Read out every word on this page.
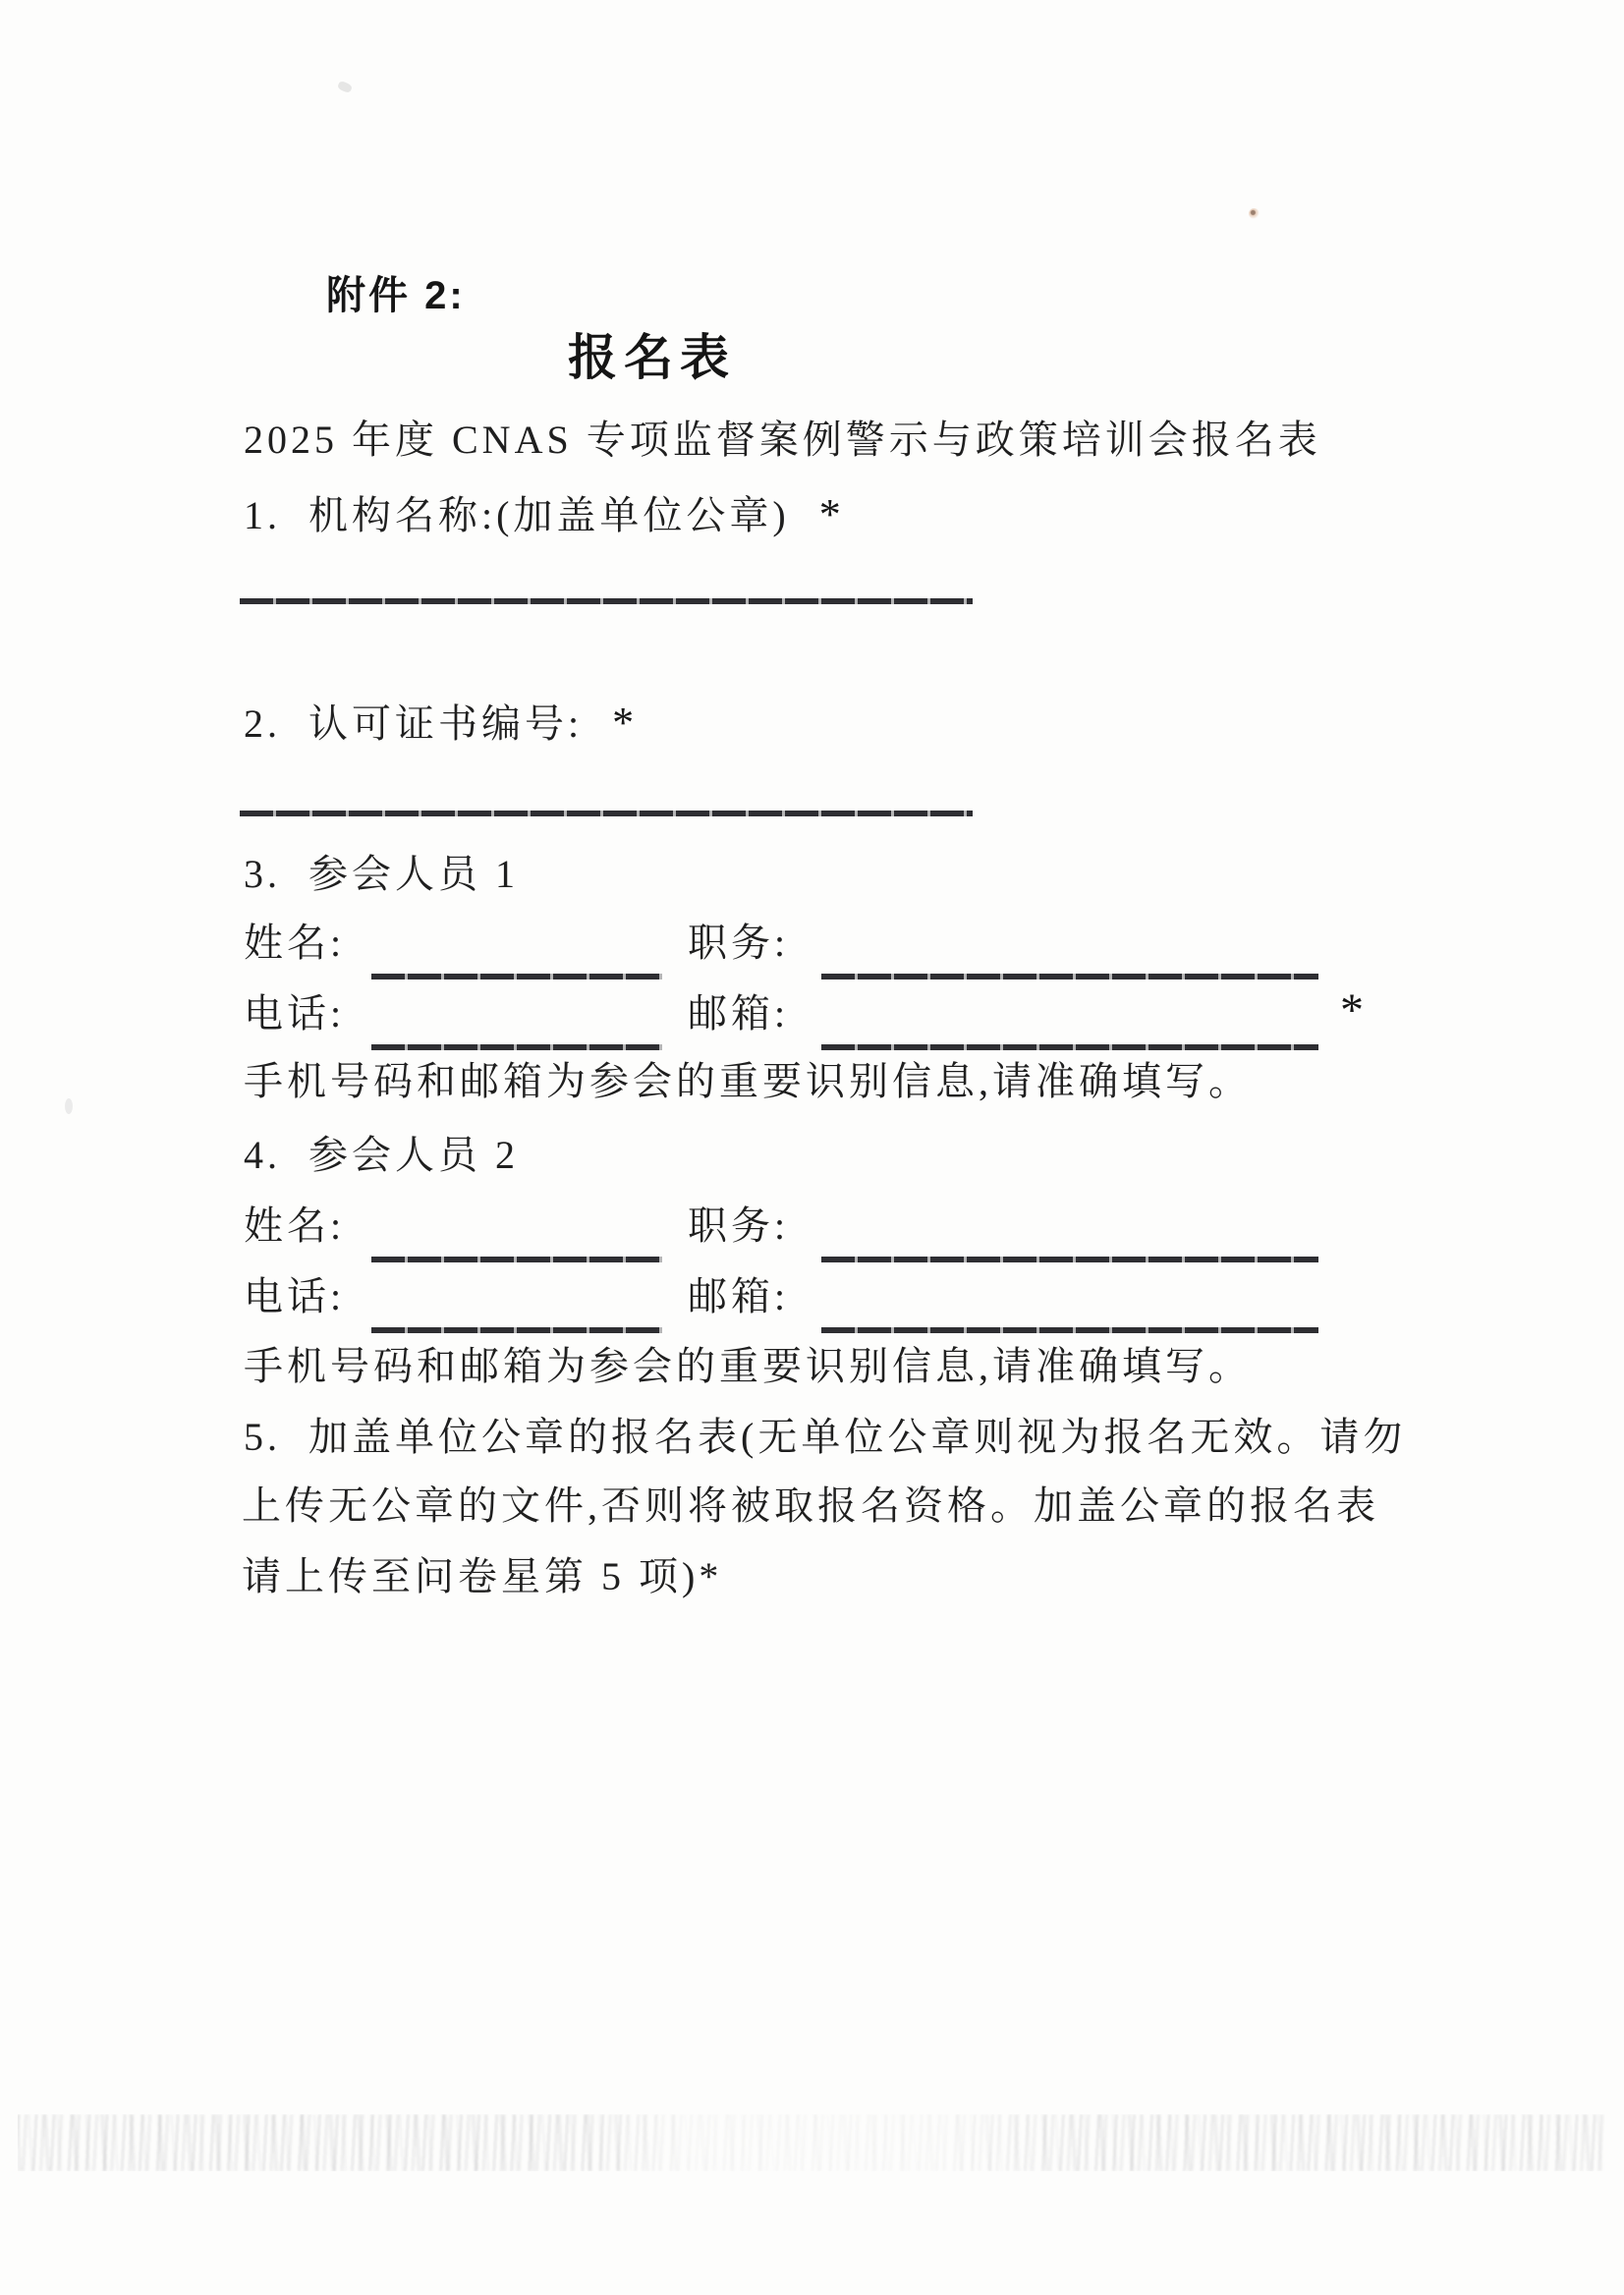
附件 2:
报名表
2025 年度 CNAS 专项监督案例警示与政策培训会报名表
1. 机构名称:(加盖单位公章) *
2. 认可证书编号: *
3. 参会人员 1
姓名:	职务:
电话:	邮箱:	*
手机号码和邮箱为参会的重要识别信息,请准确填写。
4. 参会人员 2
姓名:	职务:
电话:	邮箱:
手机号码和邮箱为参会的重要识别信息,请准确填写。
5. 加盖单位公章的报名表(无单位公章则视为报名无效。请勿
上传无公章的文件,否则将被取报名资格。加盖公章的报名表
请上传至问卷星第 5 项)*
